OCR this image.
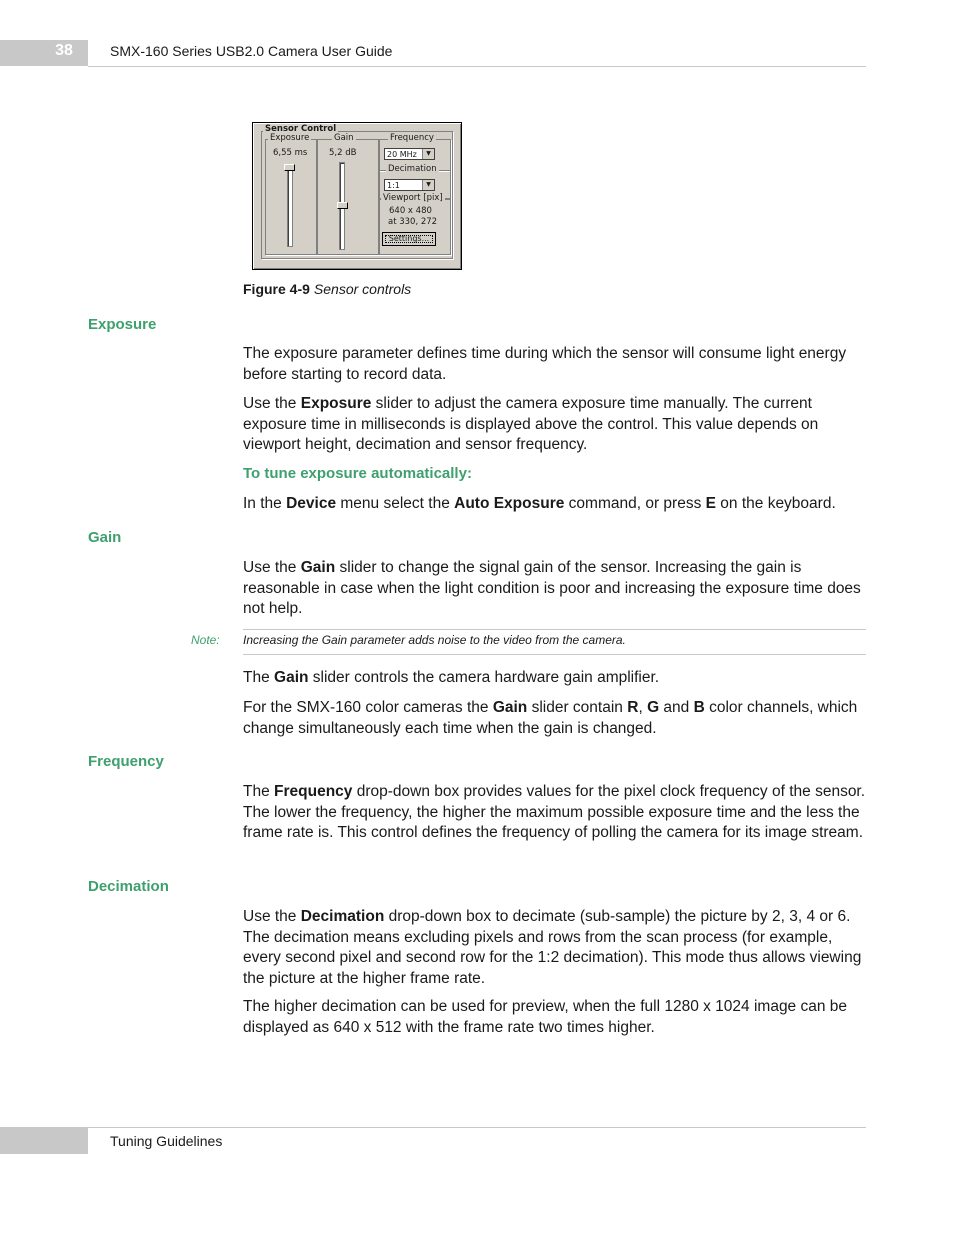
38	SMX-160 Series USB2.0 Camera User Guide
Sensor Control
Exposure
6,55 ms
Gain
5,2 dB
Frequency
20 MHz	▼
Decimation
1:1	▼
Viewport [pix]
640 x 480
at 330, 272
Settings...
Figure 4-9 Sensor controls
Exposure
The exposure parameter defines time during which the sensor will consume light energy before starting to record data.
Use the Exposure slider to adjust the camera exposure time manually. The current exposure time in milliseconds is displayed above the control. This value depends on viewport height, decimation and sensor frequency.
To tune exposure automatically:
In the Device menu select the Auto Exposure command, or press E on the keyboard.
Gain
Use the Gain slider to change the signal gain of the sensor. Increasing the gain is reasonable in case when the light condition is poor and increasing the exposure time does not help.
Note: Increasing the Gain parameter adds noise to the video from the camera.
The Gain slider controls the camera hardware gain amplifier.
For the SMX-160 color cameras the Gain slider contain R, G and B color channels, which change simultaneously each time when the gain is changed.
Frequency
The Frequency drop-down box provides values for the pixel clock frequency of the sensor. The lower the frequency, the higher the maximum possible exposure time and the less the frame rate is. This control defines the frequency of polling the camera for its image stream.
Decimation
Use the Decimation drop-down box to decimate (sub-sample) the picture by 2, 3, 4 or 6. The decimation means excluding pixels and rows from the scan process (for example, every second pixel and second row for the 1:2 decimation). This mode thus allows viewing the picture at the higher frame rate.
The higher decimation can be used for preview, when the full 1280 x 1024 image can be displayed as 640 x 512 with the frame rate two times higher.
Tuning Guidelines
